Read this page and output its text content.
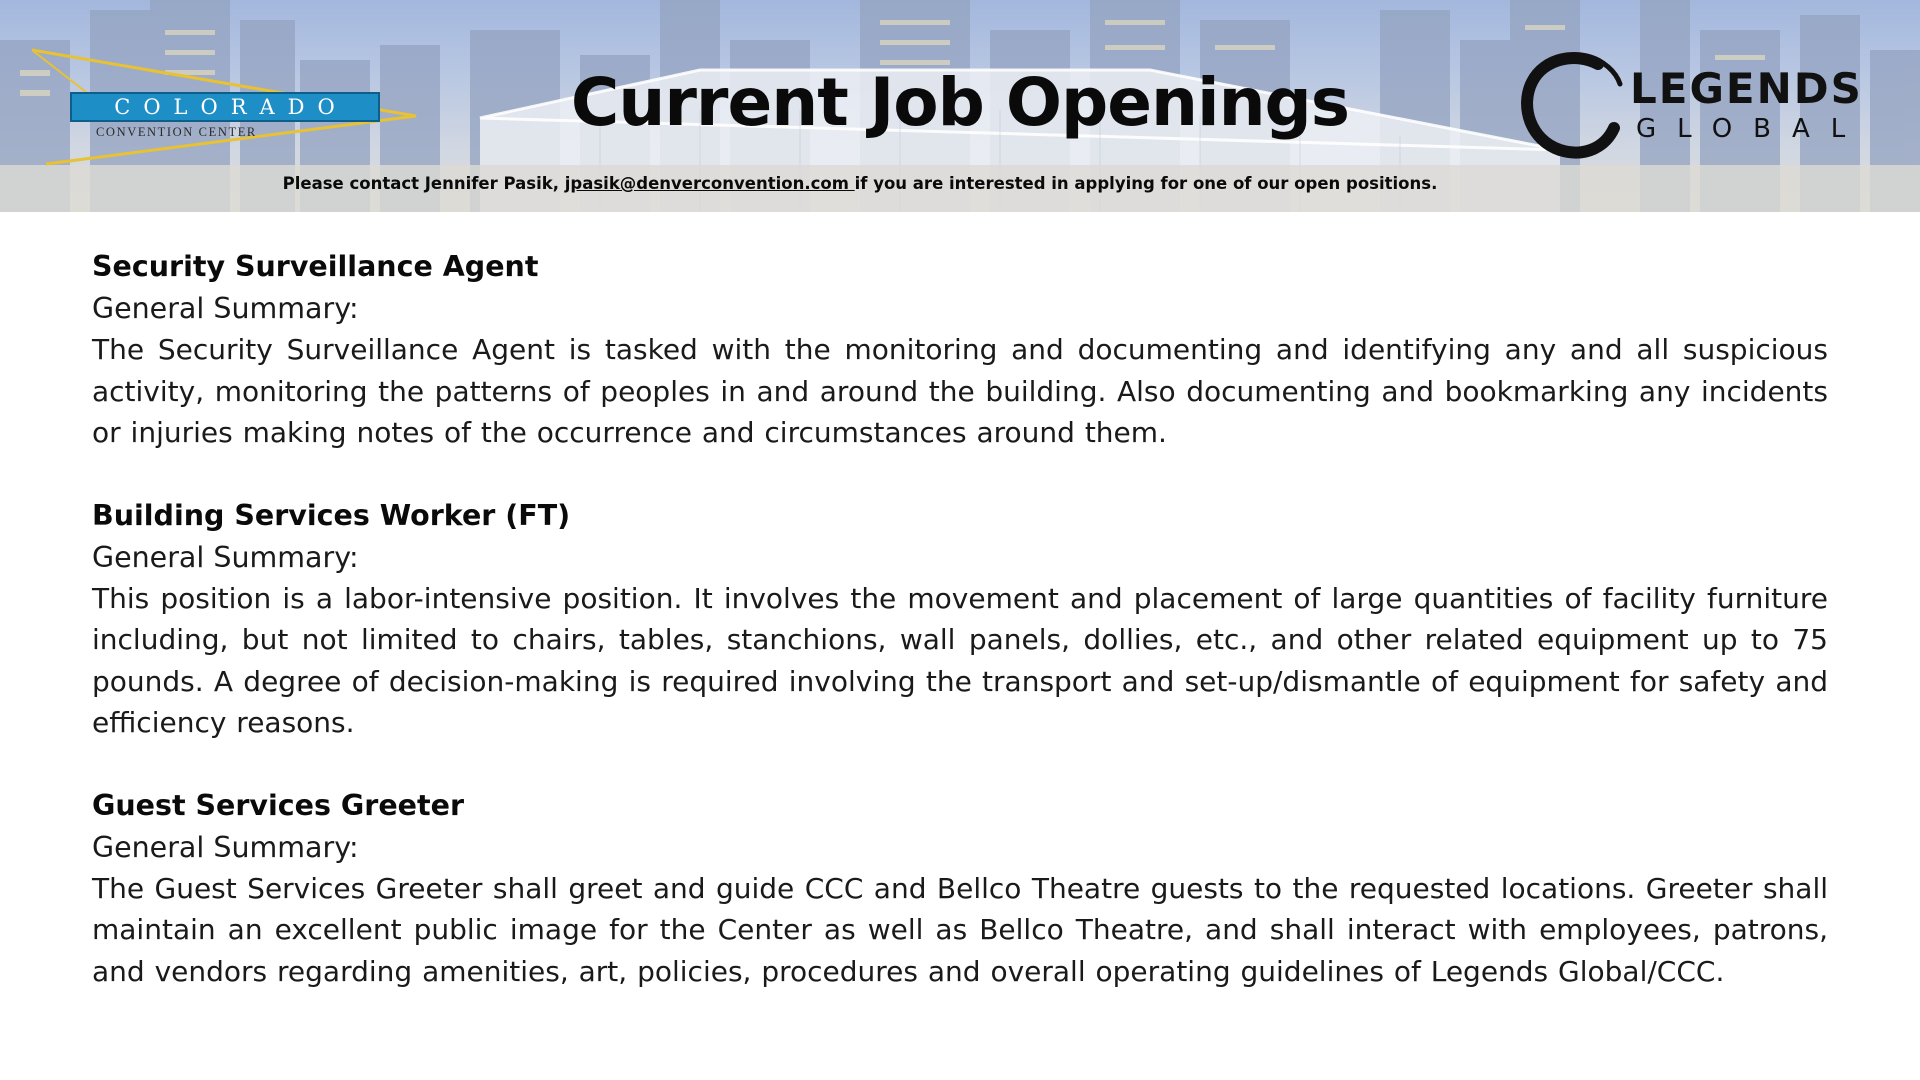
COLORADO
CONVENTION CENTER	Current Job Openings	LEGENDS
GLOBAL
Please contact Jennifer Pasik, jpasik@denverconvention.com if you are interested in applying for one of our open positions.
Security Surveillance Agent
General Summary:
The Security Surveillance Agent is tasked with the monitoring and documenting and identifying any and all suspicious activity, monitoring the patterns of peoples in and around the building. Also documenting and bookmarking any incidents or injuries making notes of the occurrence and circumstances around them.
Building Services Worker (FT)
General Summary:
This position is a labor-intensive position. It involves the movement and placement of large quantities of facility furniture including, but not limited to chairs, tables, stanchions, wall panels, dollies, etc., and other related equipment up to 75 pounds. A degree of decision-making is required involving the transport and set-up/dismantle of equipment for safety and efficiency reasons.
Guest Services Greeter
General Summary:
The Guest Services Greeter shall greet and guide CCC and Bellco Theatre guests to the requested locations. Greeter shall maintain an excellent public image for the Center as well as Bellco Theatre, and shall interact with employees, patrons, and vendors regarding amenities, art, policies, procedures and overall operating guidelines of Legends Global/CCC.
